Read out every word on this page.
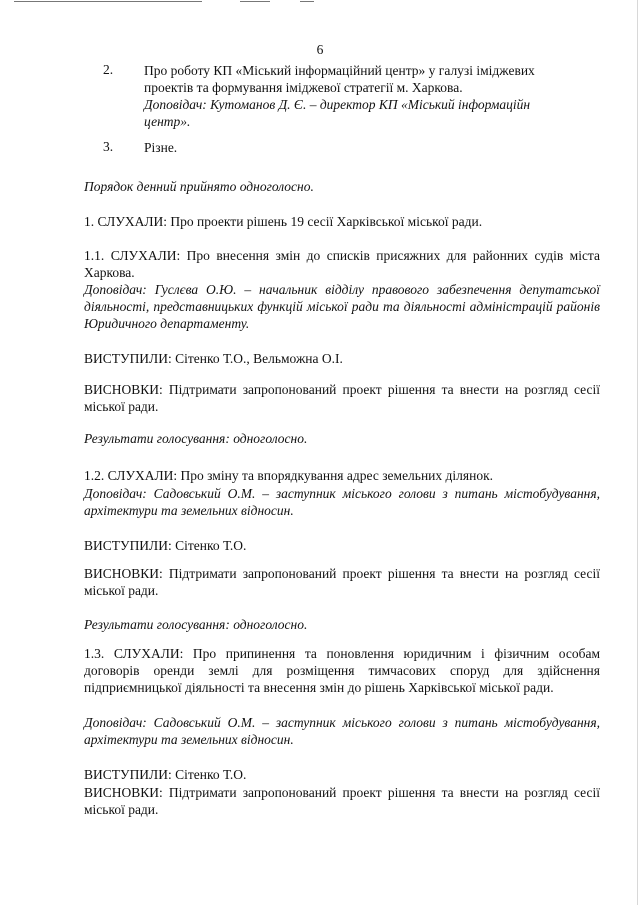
6
2. Про роботу КП «Міський інформаційний центр» у галузі іміджевих
проектів та формування іміджевої стратегії м. Харкова.
Доповідач: Кутоманов Д. Є. – директор КП «Міський інформаційн
центр».
3. Різне.
Порядок денний прийнято одноголосно.
1. СЛУХАЛИ: Про проекти рішень 19 сесії Харківської міської ради.
1.1. СЛУХАЛИ: Про внесення змін до списків присяжних для районних судів міста Харкова.
Доповідач: Гуслєва О.Ю. – начальник відділу правового забезпечення депутатської діяльності, представницьких функцій міської ради та діяльності адміністрацій районів Юридичного департаменту.
ВИСТУПИЛИ: Сітенко Т.О., Вельможна О.І.
ВИСНОВКИ: Підтримати запропонований проект рішення та внести на розгляд сесії міської ради.
Результати голосування: одноголосно.
1.2. СЛУХАЛИ: Про зміну та впорядкування адрес земельних ділянок.
Доповідач: Садовський О.М. – заступник міського голови з питань містобудування, архітектури та земельних відносин.
ВИСТУПИЛИ: Сітенко Т.О.
ВИСНОВКИ: Підтримати запропонований проект рішення та внести на розгляд сесії міської ради.
Результати голосування: одноголосно.
1.3. СЛУХАЛИ: Про припинення та поновлення юридичним і фізичним особам договорів оренди землі для розміщення тимчасових споруд для здійснення підприємницької діяльності та внесення змін до рішень Харківської міської ради.
Доповідач: Садовський О.М. – заступник міського голови з питань містобудування, архітектури та земельних відносин.
ВИСТУПИЛИ: Сітенко Т.О.
ВИСНОВКИ: Підтримати запропонований проект рішення та внести на розгляд сесії міської ради.
